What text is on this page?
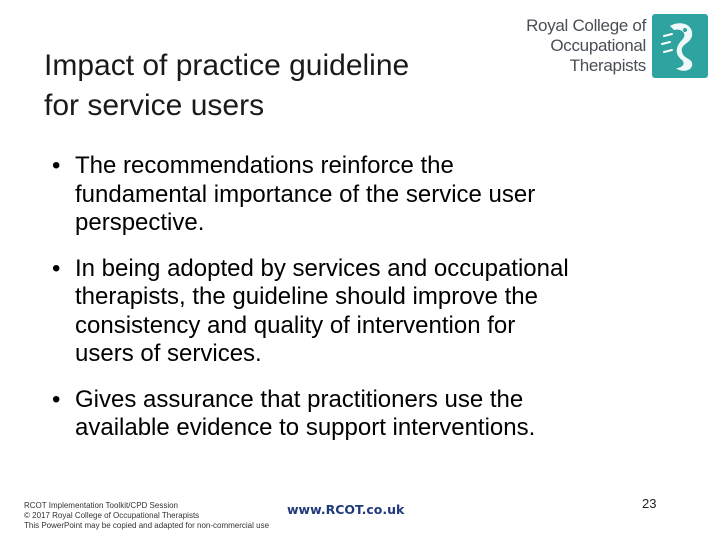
Impact of practice guideline
for service users
Royal College of
Occupational
Therapists
• The recommendations reinforce the
fundamental importance of the service user
perspective.
• In being adopted by services and occupational
therapists, the guideline should improve the
consistency and quality of intervention for
users of services.
• Gives assurance that practitioners use the
available evidence to support interventions.
RCOT Implementation Toolkit/CPD Session
© 2017 Royal College of Occupational Therapists
This PowerPoint may be copied and adapted for non-commercial use
www.RCOT.co.uk	23
